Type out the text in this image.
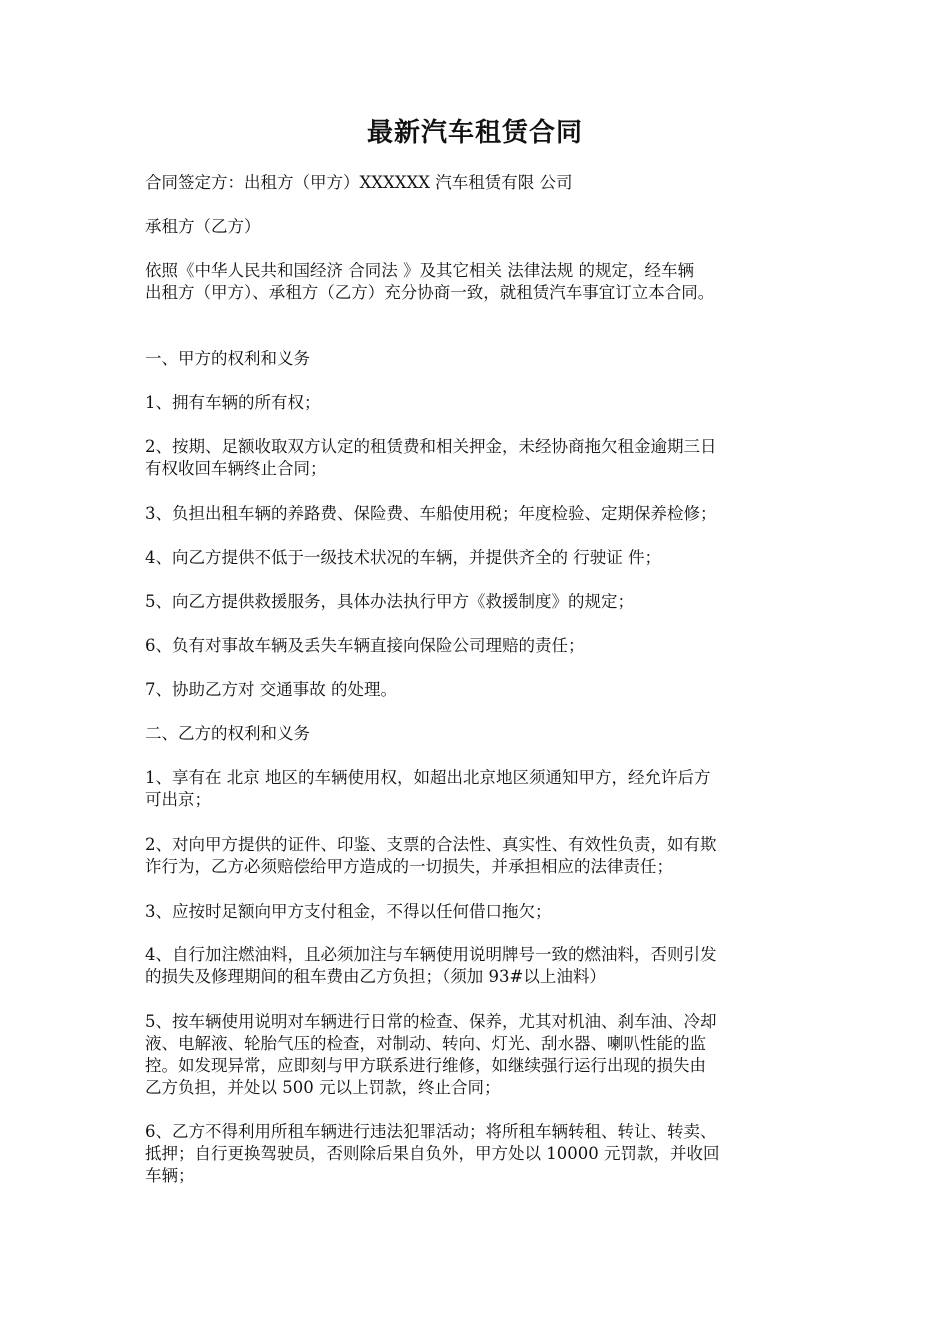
最新汽车租赁合同
合同签定方：出租方（甲方）XXXXXX 汽车租赁有限 公司
承租方（乙方）
依照《中华人民共和国经济 合同法 》及其它相关 法律法规 的规定，经车辆
出租方（甲方）、承租方（乙方）充分协商一致，就租赁汽车事宜订立本合同。
一、甲方的权利和义务
1、拥有车辆的所有权；
2、按期、足额收取双方认定的租赁费和相关押金，未经协商拖欠租金逾期三日
有权收回车辆终止合同；
3、负担出租车辆的养路费、保险费、车船使用税；年度检验、定期保养检修；
4、向乙方提供不低于一级技术状况的车辆，并提供齐全的 行驶证 件；
5、向乙方提供救援服务，具体办法执行甲方《救援制度》的规定；
6、负有对事故车辆及丢失车辆直接向保险公司理赔的责任；
7、协助乙方对 交通事故 的处理。
二、乙方的权利和义务
1、享有在 北京 地区的车辆使用权，如超出北京地区须通知甲方，经允许后方
可出京；
2、对向甲方提供的证件、印鉴、支票的合法性、真实性、有效性负责，如有欺
诈行为，乙方必须赔偿给甲方造成的一切损失，并承担相应的法律责任；
3、应按时足额向甲方支付租金，不得以任何借口拖欠；
4、自行加注燃油料，且必须加注与车辆使用说明牌号一致的燃油料，否则引发
的损失及修理期间的租车费由乙方负担；（须加 93#以上油料）
5、按车辆使用说明对车辆进行日常的检查、保养，尤其对机油、刹车油、冷却
液、电解液、轮胎气压的检查，对制动、转向、灯光、刮水器、喇叭性能的监
控。如发现异常，应即刻与甲方联系进行维修，如继续强行运行出现的损失由
乙方负担，并处以 500 元以上罚款，终止合同；
6、乙方不得利用所租车辆进行违法犯罪活动；将所租车辆转租、转让、转卖、
抵押；自行更换驾驶员，否则除后果自负外，甲方处以 10000 元罚款，并收回
车辆；
